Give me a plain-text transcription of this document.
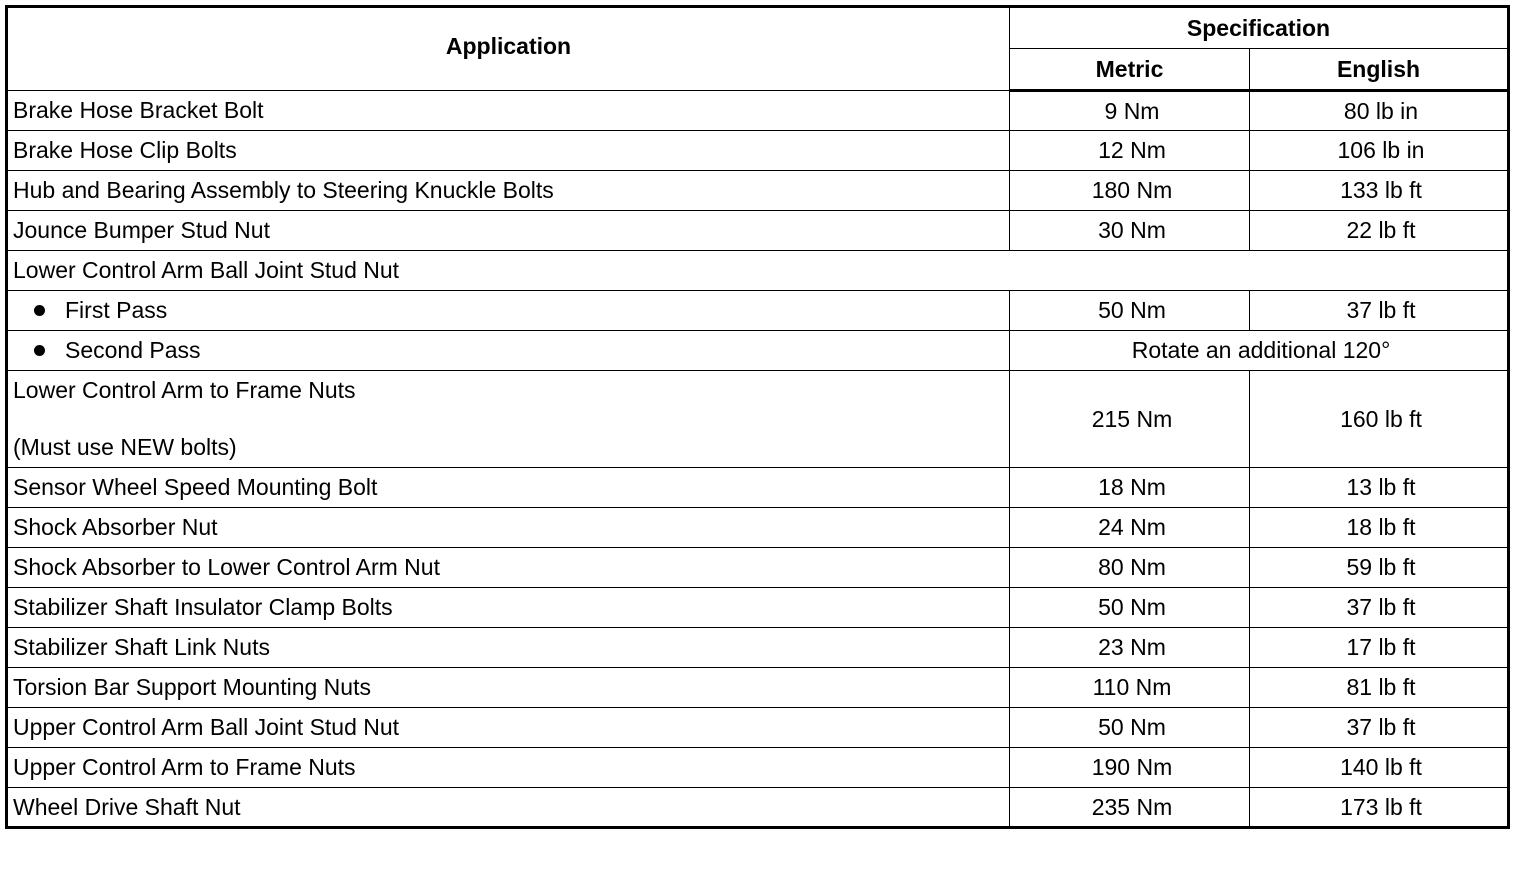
Application	Specification	
	Metric	English
Brake Hose Bracket Bolt	9 Nm	80 lb in
Brake Hose Clip Bolts	12 Nm	106 lb in
Hub and Bearing Assembly to Steering Knuckle Bolts	180 Nm	133 lb ft
Jounce Bumper Stud Nut	30 Nm	22 lb ft
Lower Control Arm Ball Joint Stud Nut		
First Pass	50 Nm	37 lb ft
Second Pass	Rotate an additional 120°	
Lower Control Arm to Frame Nuts
(Must use NEW bolts)	215 Nm	160 lb ft
Sensor Wheel Speed Mounting Bolt	18 Nm	13 lb ft
Shock Absorber Nut	24 Nm	18 lb ft
Shock Absorber to Lower Control Arm Nut	80 Nm	59 lb ft
Stabilizer Shaft Insulator Clamp Bolts	50 Nm	37 lb ft
Stabilizer Shaft Link Nuts	23 Nm	17 lb ft
Torsion Bar Support Mounting Nuts	110 Nm	81 lb ft
Upper Control Arm Ball Joint Stud Nut	50 Nm	37 lb ft
Upper Control Arm to Frame Nuts	190 Nm	140 lb ft
Wheel Drive Shaft Nut	235 Nm	173 lb ft
